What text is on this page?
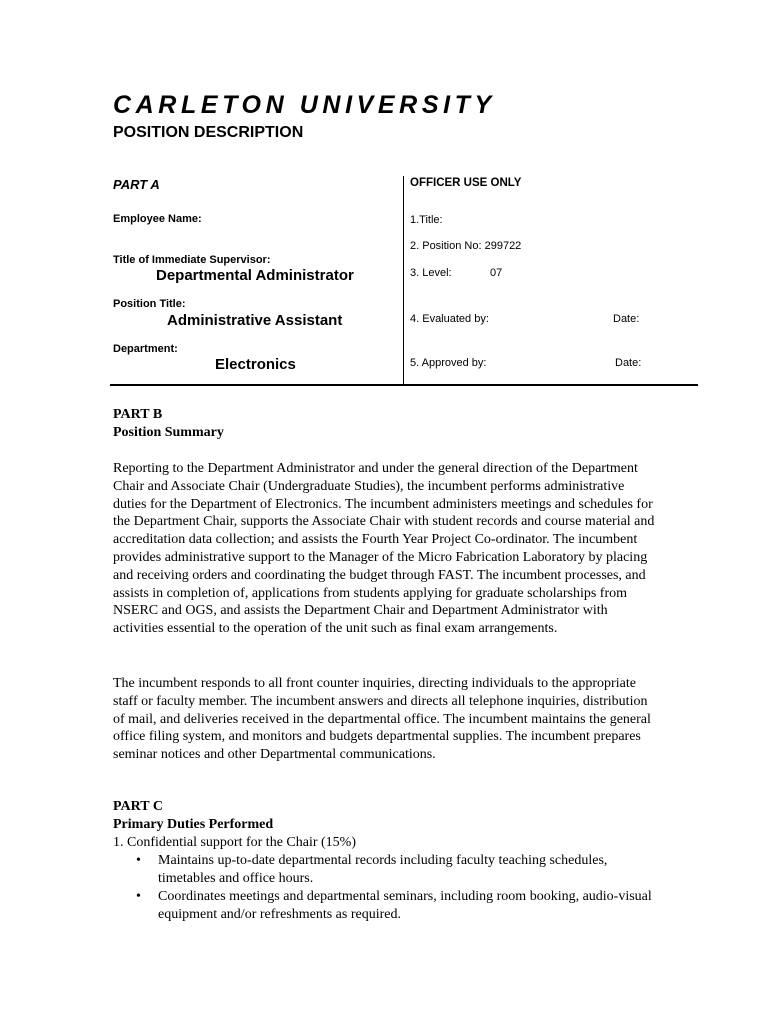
CARLETON UNIVERSITY
POSITION DESCRIPTION
PART A
Employee Name:
Title of Immediate Supervisor:
Departmental Administrator
Position Title:
Administrative Assistant
Department:
Electronics
OFFICER USE ONLY
1.Title:
2. Position No: 299722
3. Level:	07
4. Evaluated by:	Date:
5. Approved by:	Date:
PART B
Position Summary

Reporting to the Department Administrator and under the general direction of the Department Chair and Associate Chair (Undergraduate Studies), the incumbent performs administrative duties for the Department of Electronics. The incumbent administers meetings and schedules for the Department Chair, supports the Associate Chair with student records and course material and accreditation data collection; and assists the Fourth Year Project Co-ordinator. The incumbent provides administrative support to the Manager of the Micro Fabrication Laboratory by placing and receiving orders and coordinating the budget through FAST. The incumbent processes, and assists in completion of, applications from students applying for graduate scholarships from NSERC and OGS, and assists the Department Chair and Department Administrator with activities essential to the operation of the unit such as final exam arrangements.

The incumbent responds to all front counter inquiries, directing individuals to the appropriate staff or faculty member. The incumbent answers and directs all telephone inquiries, distribution of mail, and deliveries received in the departmental office. The incumbent maintains the general office filing system, and monitors and budgets departmental supplies. The incumbent prepares seminar notices and other Departmental communications.

PART C
Primary Duties Performed
1. Confidential support for the Chair (15%)
• Maintains up-to-date departmental records including faculty teaching schedules, timetables and office hours.
• Coordinates meetings and departmental seminars, including room booking, audio-visual equipment and/or refreshments as required.
